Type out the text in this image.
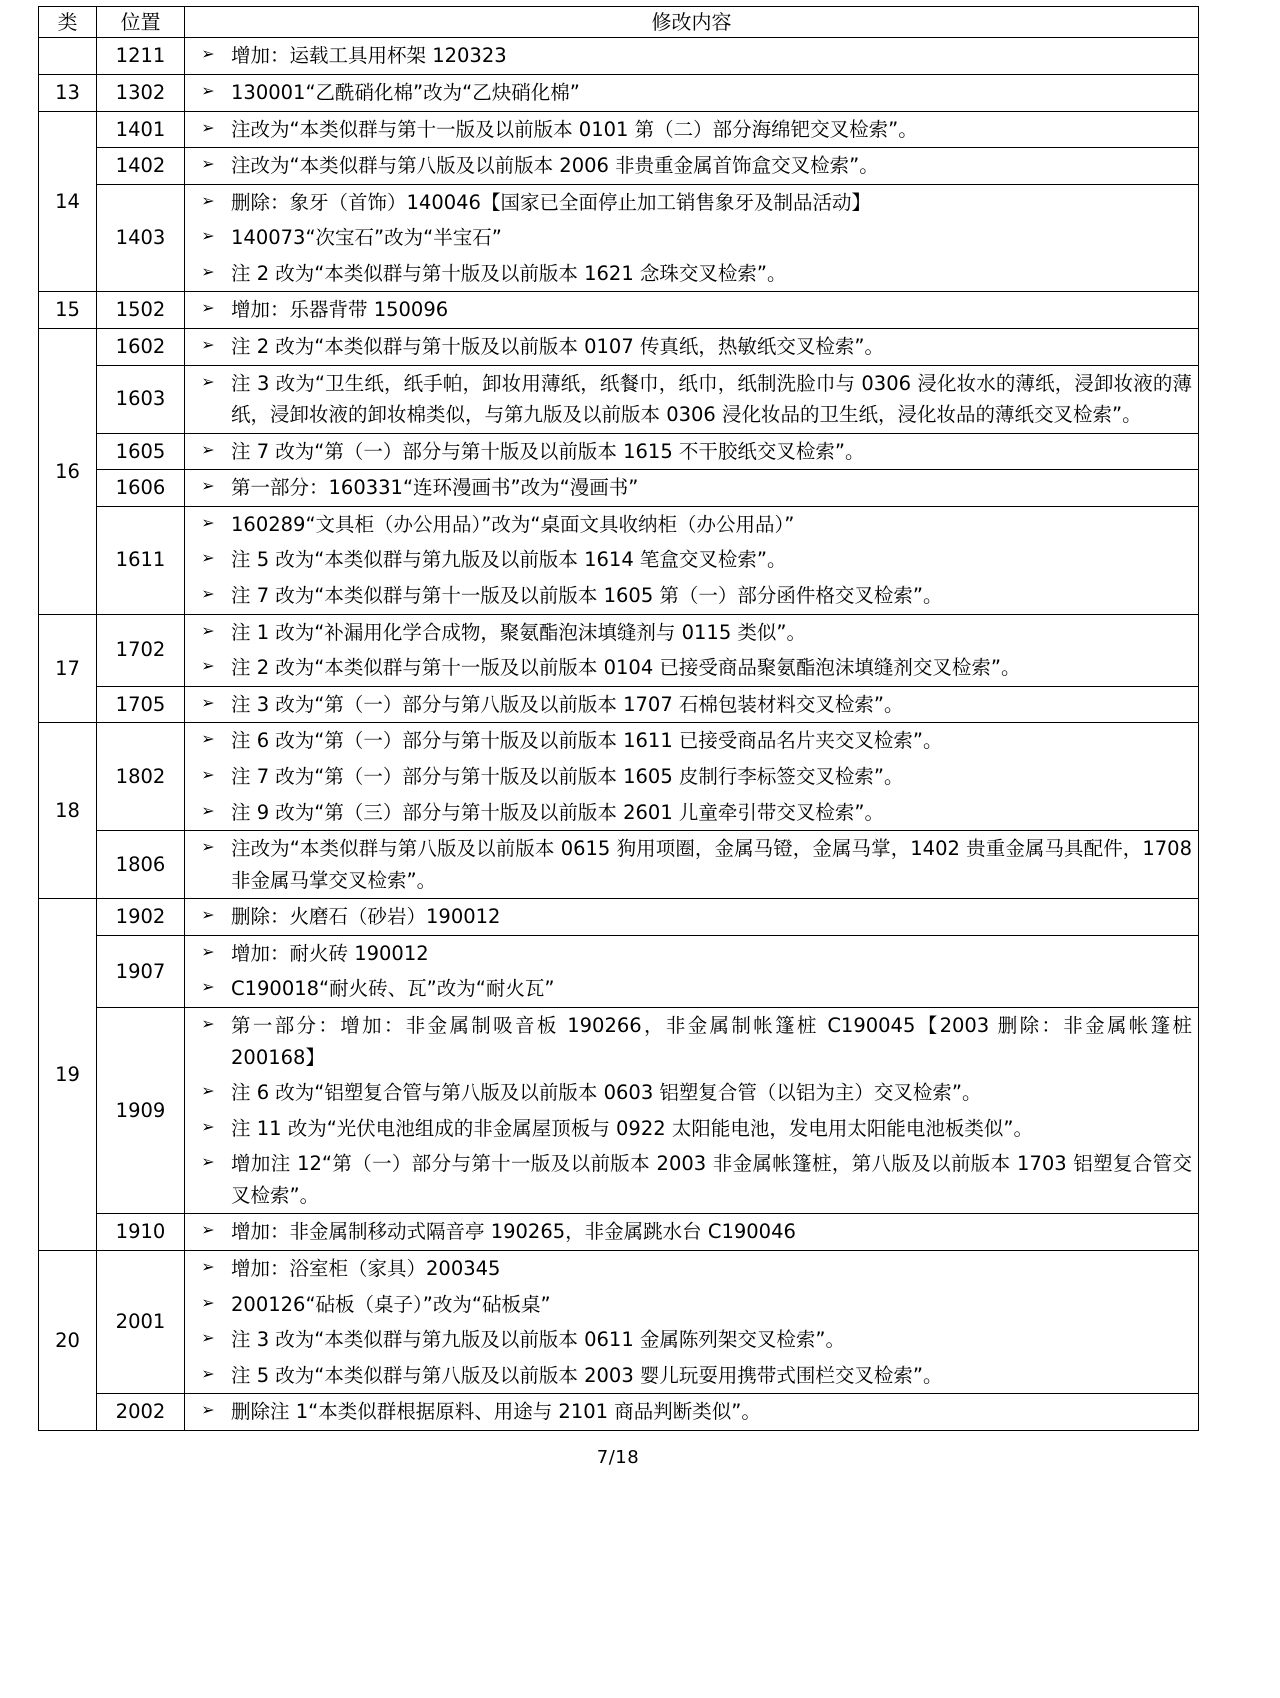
类	位置	修改内容
	1211	➢ 增加：运载工具用杯架 120323

13	1302	➢ 130001“乙酰硝化棉”改为“乙炔硝化棉”

14	1401	➢ 注改为“本类似群与第十一版及以前版本 0101 第（二）部分海绵钯交叉检索”。

1402	➢ 注改为“本类似群与第八版及以前版本 2006 非贵重金属首饰盒交叉检索”。

1403	
➢ 删除：象牙（首饰）140046【国家已全面停止加工销售象牙及制品活动】
➢ 140073“次宝石”改为“半宝石”
➢ 注 2 改为“本类似群与第十版及以前版本 1621 念珠交叉检索”。

15	1502	➢ 增加：乐器背带 150096

16	1602	➢ 注 2 改为“本类似群与第十版及以前版本 0107 传真纸，热敏纸交叉检索”。

1603	
➢ 注 3 改为“卫生纸，纸手帕，卸妆用薄纸，纸餐巾，纸巾，纸制洗脸巾与 0306 浸化妆水的薄纸，浸卸妆液的薄纸，浸卸妆液的卸妆棉类似，与第九版及以前版本 0306 浸化妆品的卫生纸，浸化妆品的薄纸交叉检索”。

1605	➢ 注 7 改为“第（一）部分与第十版及以前版本 1615 不干胶纸交叉检索”。

1606	➢ 第一部分：160331“连环漫画书”改为“漫画书”

1611	
➢ 160289“文具柜（办公用品）”改为“桌面文具收纳柜（办公用品）”
➢ 注 5 改为“本类似群与第九版及以前版本 1614 笔盒交叉检索”。
➢ 注 7 改为“本类似群与第十一版及以前版本 1605 第（一）部分函件格交叉检索”。

17	1702	
➢ 注 1 改为“补漏用化学合成物，聚氨酯泡沫填缝剂与 0115 类似”。
➢ 注 2 改为“本类似群与第十一版及以前版本 0104 已接受商品聚氨酯泡沫填缝剂交叉检索”。

1705	➢ 注 3 改为“第（一）部分与第八版及以前版本 1707 石棉包装材料交叉检索”。

18	1802	
➢ 注 6 改为“第（一）部分与第十版及以前版本 1611 已接受商品名片夹交叉检索”。
➢ 注 7 改为“第（一）部分与第十版及以前版本 1605 皮制行李标签交叉检索”。
➢ 注 9 改为“第（三）部分与第十版及以前版本 2601 儿童牵引带交叉检索”。

1806	
➢ 注改为“本类似群与第八版及以前版本 0615 狗用项圈，金属马镫，金属马掌，1402 贵重金属马具配件，1708 非金属马掌交叉检索”。

19	1902	➢ 删除：火磨石（砂岩）190012

1907	
➢ 增加：耐火砖 190012
➢ C190018“耐火砖、瓦”改为“耐火瓦”

1909	
➢ 第一部分：增加：非金属制吸音板 190266，非金属制帐篷桩 C190045【2003 删除：非金属帐篷桩 200168】
➢ 注 6 改为“铝塑复合管与第八版及以前版本 0603 铝塑复合管（以铝为主）交叉检索”。
➢ 注 11 改为“光伏电池组成的非金属屋顶板与 0922 太阳能电池，发电用太阳能电池板类似”。
➢ 增加注 12“第（一）部分与第十一版及以前版本 2003 非金属帐篷桩，第八版及以前版本 1703 铝塑复合管交叉检索”。

1910	➢ 增加：非金属制移动式隔音亭 190265，非金属跳水台 C190046

20	2001	
➢ 增加：浴室柜（家具）200345
➢ 200126“砧板（桌子）”改为“砧板桌”
➢ 注 3 改为“本类似群与第九版及以前版本 0611 金属陈列架交叉检索”。
➢ 注 5 改为“本类似群与第八版及以前版本 2003 婴儿玩耍用携带式围栏交叉检索”。

2002	➢ 删除注 1“本类似群根据原料、用途与 2101 商品判断类似”。
7/18
